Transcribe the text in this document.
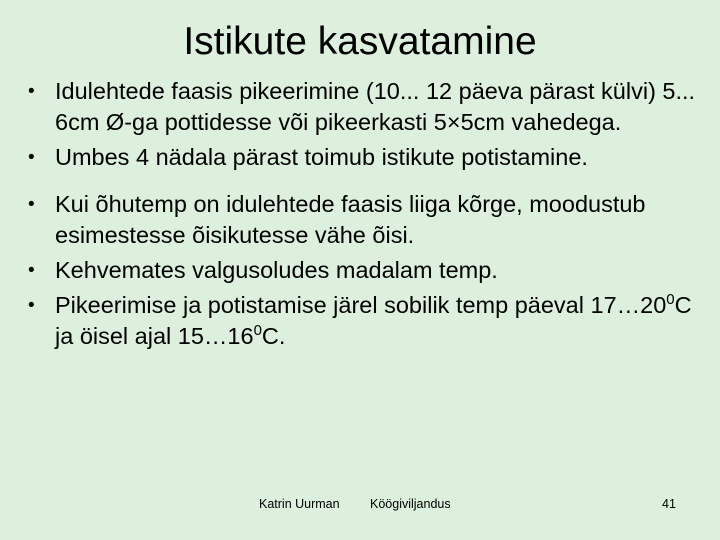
Istikute kasvatamine
• Idulehtede faasis pikeerimine (10... 12 päeva pärast külvi) 5... 6cm Ø-ga pottidesse või pikeerkasti 5×5cm vahedega.
• Umbes 4 nädala pärast toimub istikute potistamine.
• Kui õhutemp on idulehtede faasis liiga kõrge, moodustub esimestesse õisikutesse vähe õisi.
• Kehvemates valgusoludes madalam temp.
• Pikeerimise ja potistamise järel sobilik temp päeval $17\dots 20^0C$ ja öisel ajal $15\dots 16^0C$.
Katrin Uurman Köögiviljandus	41
